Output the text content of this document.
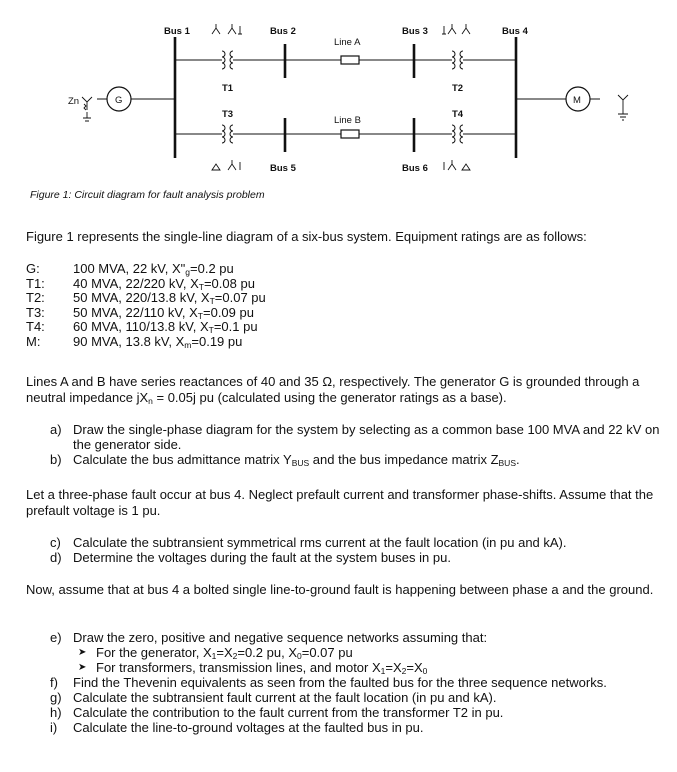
Bus 1	Bus 2	Bus 3	Bus 4
Bus 5	Bus 6
T1	T2
T3	T4
Line A
Line B
G	M
Zn
Figure 1: Circuit diagram for fault analysis problem

Figure 1 represents the single-line diagram of a six-bus system. Equipment ratings are as follows:

G:	100 MVA, 22 kV, $X"_g=0.2$ pu
T1:	40 MVA, 22/220 kV, $X_T=0.08$ pu
T2:	50 MVA, 220/13.8 kV, $X_T=0.07$ pu
T3:	50 MVA, 22/110 kV, $X_T=0.09$ pu
T4:	60 MVA, 110/13.8 kV, $X_T=0.1$ pu
M:	90 MVA, 13.8 kV, $X_m=0.19$ pu

Lines A and B have series reactances of 40 and 35 Ω, respectively. The generator G is grounded through a neutral impedance $jX_n = 0.05j$ pu (calculated using the generator ratings as a base).

a) Draw the single-phase diagram for the system by selecting as a common base 100 MVA and 22 kV on the generator side.
b) Calculate the bus admittance matrix $Y_{BUS}$ and the bus impedance matrix $Z_{BUS}$.

Let a three-phase fault occur at bus 4. Neglect prefault current and transformer phase-shifts. Assume that the prefault voltage is 1 pu.

c) Calculate the subtransient symmetrical rms current at the fault location (in pu and kA).
d) Determine the voltages during the fault at the system buses in pu.

Now, assume that at bus 4 a bolted single line-to-ground fault is happening between phase a and the ground.

e) Draw the zero, positive and negative sequence networks assuming that:
➤ For the generator, $X_1=X_2=0.2$ pu, $X_0=0.07$ pu
➤ For transformers, transmission lines, and motor $X_1=X_2=X_0$
f)	Find the Thevenin equivalents as seen from the faulted bus for the three sequence networks.
g) Calculate the subtransient fault current at the fault location (in pu and kA).
h) Calculate the contribution to the fault current from the transformer T2 in pu.
i)	Calculate the line-to-ground voltages at the faulted bus in pu.
